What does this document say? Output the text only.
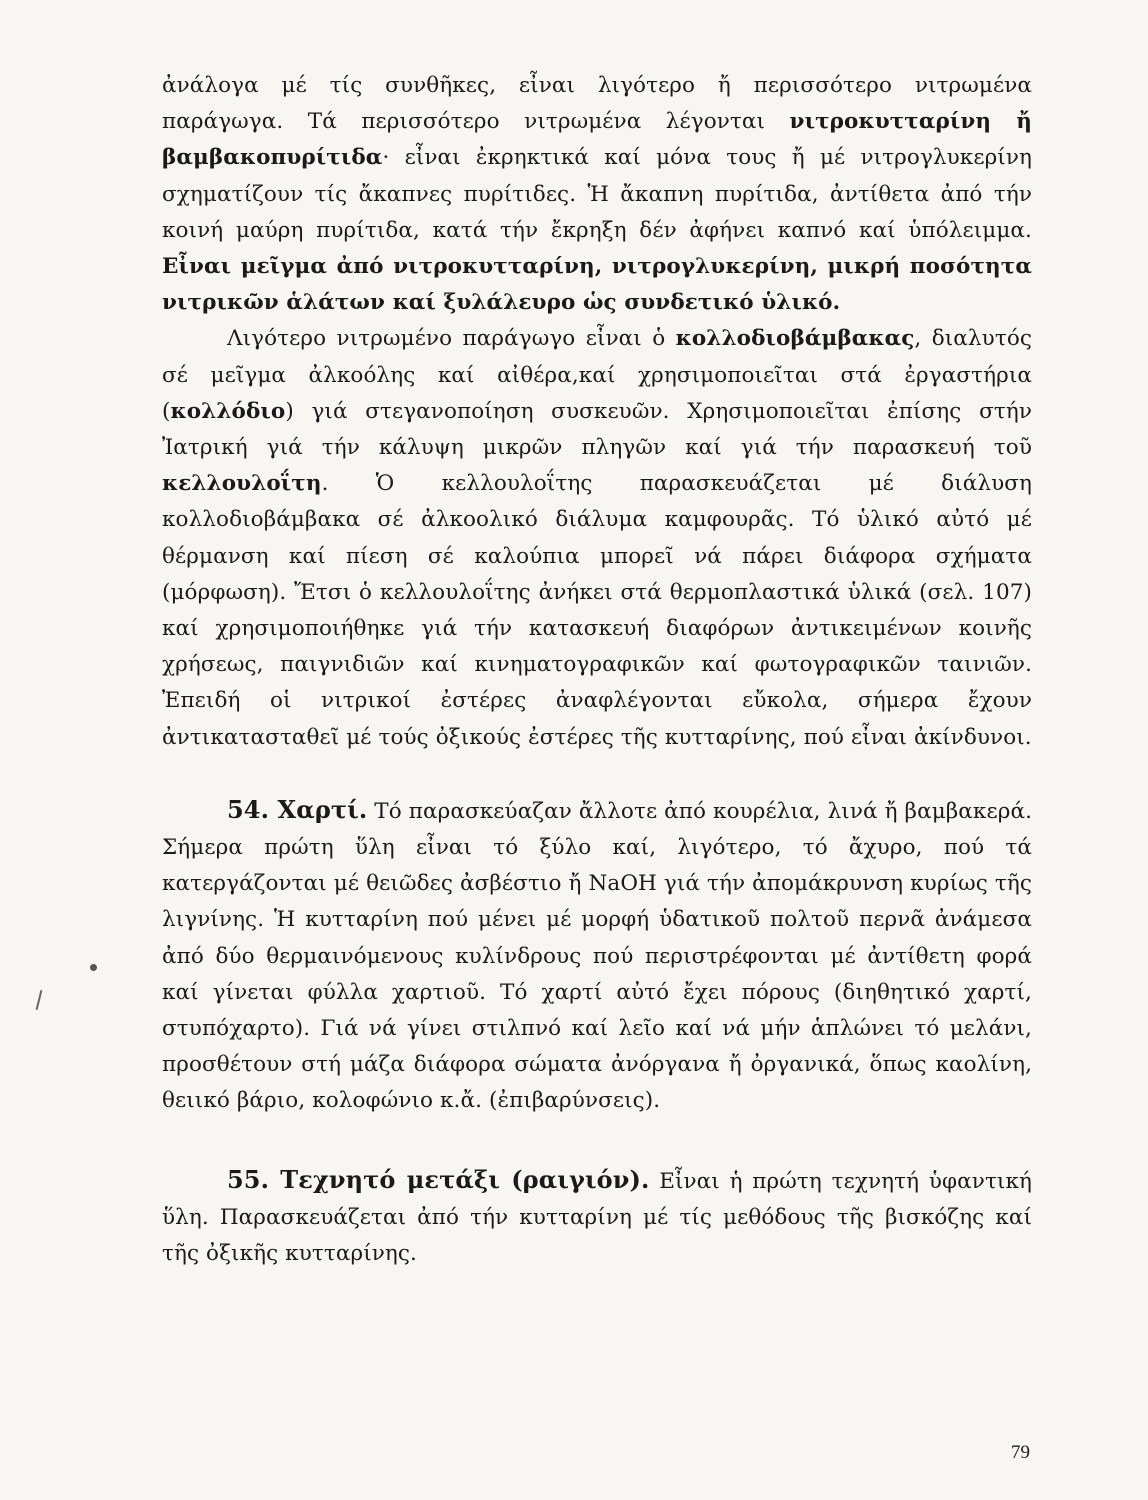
ἀνάλογα μέ τίς συνθῆκες, εἶναι λιγότερο ἤ περισσότερο νιτρωμένα παράγωγα. Τά περισσότερο νιτρωμένα λέγονται νιτροκυτταρίνη ἤ βαμβακοπυρίτιδα· εἶναι ἐκρηκτικά καί μόνα τους ἤ μέ νιτρογλυκερίνη σχηματίζουν τίς ἄκαπνες πυρίτιδες. Ἡ ἄκαπνη πυρίτιδα, ἀντίθετα ἀπό τήν κοινή μαύρη πυρίτιδα, κατά τήν ἔκρηξη δέν ἀφήνει καπνό καί ὑπόλειμμα. Εἶναι μεῖγμα ἀπό νιτροκυτταρίνη, νιτρογλυκερίνη, μικρή ποσότητα νιτρικῶν ἁλάτων καί ξυλάλευρο ὡς συνδετικό ὑλικό.

Λιγότερο νιτρωμένο παράγωγο εἶναι ὁ κολλοδιοβάμβακας, διαλυτός σέ μεῖγμα ἀλκοόλης καί αἰθέρα,καί χρησιμοποιεῖται στά ἐργαστήρια (κολλόδιο) γιά στεγανοποίηση συσκευῶν. Χρησιμοποιεῖται ἐπίσης στήν Ἰατρική γιά τήν κάλυψη μικρῶν πληγῶν καί γιά τήν παρασκευή τοῦ κελλουλοΐτη. Ὁ κελλουλοΐτης παρασκευάζεται μέ διάλυση κολλοδιοβάμβακα σέ ἀλκοολικό διάλυμα καμφουρᾶς. Τό ὑλικό αὐτό μέ θέρμανση καί πίεση σέ καλούπια μπορεῖ νά πάρει διάφορα σχήματα (μόρφωση). Ἔτσι ὁ κελλουλοΐτης ἀνήκει στά θερμοπλαστικά ὑλικά (σελ. 107) καί χρησιμοποιήθηκε γιά τήν κατασκευή διαφόρων ἀντικειμένων κοινῆς χρήσεως, παιγνιδιῶν καί κινηματογραφικῶν καί φωτογραφικῶν ταινιῶν. Ἐπειδή οἱ νιτρικοί ἐστέρες ἀναφλέγονται εὔκολα, σήμερα ἔχουν ἀντικατασταθεῖ μέ τούς ὀξικούς ἐστέρες τῆς κυτταρίνης, πού εἶναι ἀκίνδυνοι.

54. Χαρτί. Τό παρασκεύαζαν ἄλλοτε ἀπό κουρέλια, λινά ἤ βαμβακερά. Σήμερα πρώτη ὕλη εἶναι τό ξύλο καί, λιγότερο, τό ἄχυρο, πού τά κατεργάζονται μέ θειῶδες ἀσβέστιο ἤ NaOH γιά τήν ἀπομάκρυνση κυρίως τῆς λιγνίνης. Ἡ κυτταρίνη πού μένει μέ μορφή ὑδατικοῦ πολτοῦ περνᾶ ἀνάμεσα ἀπό δύο θερμαινόμενους κυλίνδρους πού περιστρέφονται μέ ἀντίθετη φορά καί γίνεται φύλλα χαρτιοῦ. Τό χαρτί αὐτό ἔχει πόρους (διηθητικό χαρτί, στυπόχαρτο). Γιά νά γίνει στιλπνό καί λεῖο καί νά μήν ἁπλώνει τό μελάνι, προσθέτουν στή μάζα διάφορα σώματα ἀνόργανα ἤ ὀργανικά, ὅπως καολίνη, θειικό βάριο, κολοφώνιο κ.ἄ. (ἐπιβαρύνσεις).

55. Τεχνητό μετάξι (ραιγιόν). Εἶναι ἡ πρώτη τεχνητή ὑφαντική ὕλη. Παρασκευάζεται ἀπό τήν κυτταρίνη μέ τίς μεθόδους τῆς βισκόζης καί τῆς ὀξικῆς κυτταρίνης.

79
